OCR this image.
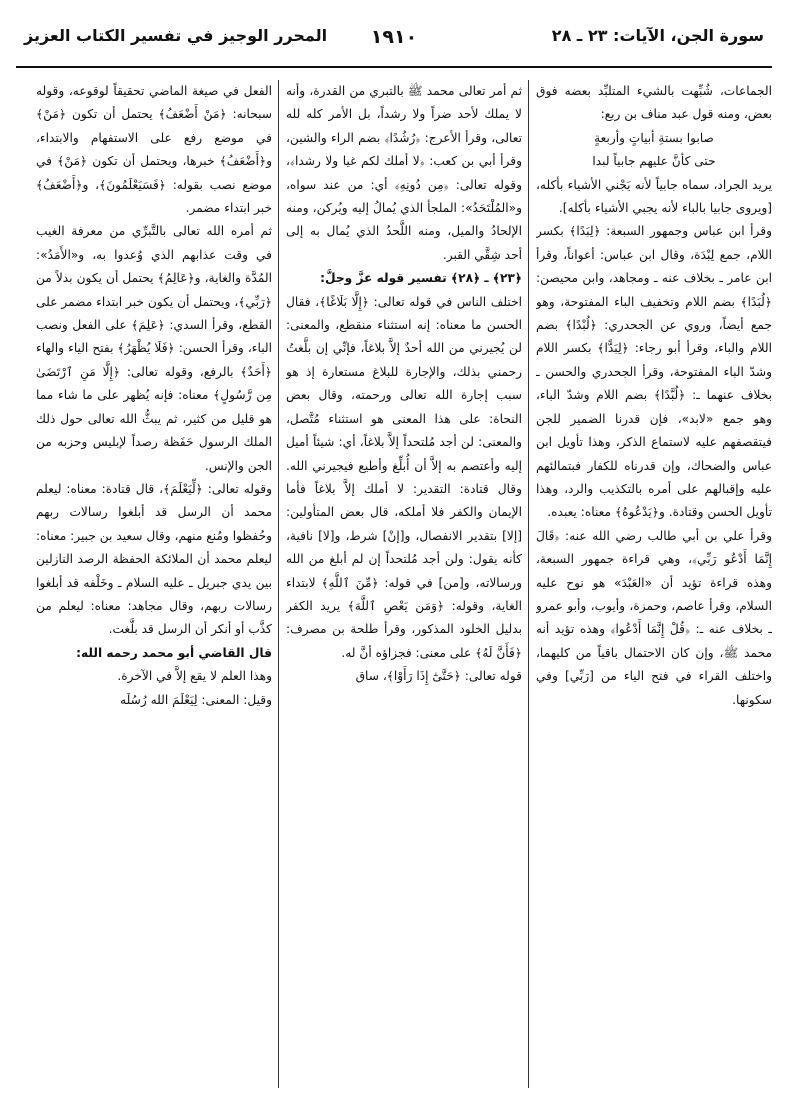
سورة الجن، الآيات: ٢٣ ـ ٢٨
١٩١٠
المحرر الوجيز في تفسير الكتاب العزيز

الجماعات، شُبِّهت بالشيء المتلبِّد بعضه فوق بعض، ومنه قول عبد مناف بن ربع:

صابوا بستةِ أبياتٍ وأربعةٍ

حتى كأنَّ عليهم جابياً لبدا

يريد الجراد، سماه جابياً لأنه يَجْني الأشياء بأكله، [ويروى جابيا بالباء لأنه يجبي الأشياء بأكله].

وقرأ ابن عباس وجمهور السبعة: ﴿لِبَدًا﴾ بكسر اللام، جمع لِبْدَة، وقال ابن عباس: أعواناً، وقرأ ابن عامر ـ بخلاف عنه ـ ومجاهد، وابن محيصن: ﴿لُبَدًا﴾ بضم اللام وتخفيف الباء المفتوحة، وهو جمع أيضاً، وروي عن الجحدري: ﴿لُبْدًا﴾ بضم اللام والباء، وقرأ أبو رجاء: ﴿لِبَدًّا﴾ بكسر اللام وشدّ الباء المفتوحة، وقرأ الجحدري والحسن ـ بخلاف عنهما ـ: ﴿لُبَّدًا﴾ بضم اللام وشدّ الباء، وهو جمع «لابد»، فإن قدرنا الضمير للجن فيتقصفهم عليه لاستماع الذكر، وهذا تأويل ابن عباس والضحاك، وإن قدرناه للكفار فبتمالئهم عليه وإقبالهم على أمره بالتكذيب والرد، وهذا تأويل الحسن وقتادة. و﴿يَدْعُوهُ﴾ معناه: يعبده.

وقرأ علي بن أبي طالب رضي الله عنه: ﴿قَالَ إِنَّمَا أَدْعُو رَبِّي﴾، وهي قراءة جمهور السبعة، وهذه قراءة تؤيد أن «العَبْدَ» هو نوح عليه السلام، وقرأ عاصم، وحمزة، وأيوب، وأبو عمرو ـ بخلاف عنه ـ: ﴿قُلْ إِنَّمَا أَدْعُوا﴾ وهذه تؤيد أنه محمد ﷺ، وإن كان الاحتمال باقياً من كليهما، واختلف القراء في فتح الياء من [رَبِّي] وفي سكونها.

ثم أمر تعالى محمد ﷺ بالتبري من القدرة، وأنه لا يملك لأحد ضراً ولا رشداً، بل الأمر كله لله تعالى، وقرأ الأعرج: ﴿رُشُدًا﴾ بضم الراء والشين، وقرأ أبي بن كعب: ﴿لا أملك لكم غيا ولا رشدا﴾، وقوله تعالى: ﴿مِن دُونِهِ﴾ أي: من عند سواه، و«المُلْتَحَدُ»: الملجأ الذي يُمالُ إليه ويُركن، ومنه الإلحادُ والميل، ومنه اللَّحدُ الذي يُمال به إلى أحد شِقَّي القبر.

﴿٢٣﴾ ـ ﴿٢٨﴾ تفسير قوله عزَّ وجلَّ:

اختلف الناس في قوله تعالى: ﴿إِلَّا بَلَاغًا﴾، فقال الحسن ما معناه: إنه استثناء منقطع، والمعنى: لن يُجيرني من الله أحدٌ إلاَّ بلاغاً، فإنِّي إن بلَّغتُ رحمني بذلك، والإجارة للبلاغ مستعارة إذ هو سبب إجارة الله تعالى ورحمته، وقال بعض النحاة: على هذا المعنى هو استثناء مُتَّصل، والمعنى: لن أجد مُلتحداً إلاَّ بلاغاً، أي: شيئاً أميل إليه وأعتصم به إلاَّ أن أُبلِّغ وأطيع فيجيرني الله. وقال قتادة: التقدير: لا أملك إلاَّ بلاغاً فأما الإيمان والكفر فلا أملكه، قال بعض المتأولين: [إلا] بتقدير الانفصال، و[إنْ] شرط، و[لا] نافية، كأنه يقول: ولن أجد مُلتحداً إن لم أبلغ من الله ورسالاته، و[من] في قوله: ﴿مِّنَ ٱللَّهِ﴾ لابتداء الغاية، وقوله: ﴿وَمَن يَعْصِ ٱللَّهَ﴾ يريد الكفر بدليل الخلود المذكور، وقرأ طلحة بن مصرف: ﴿فَأَنَّ لَهُ﴾ على معنى: فجزاؤه أنَّ له.

قوله تعالى: ﴿حَتَّىٰٓ إِذَا رَأَوْا﴾، ساق

الفعل في صيغة الماضي تحقيقاً لوقوعه، وقوله سبحانه: ﴿مَنْ أَضْعَفُ﴾ يحتمل أن تكون ﴿مَنْ﴾ في موضع رفع على الاستفهام والابتداء، و﴿أَضْعَفُ﴾ خبرها، ويحتمل أن تكون ﴿مَنْ﴾ في موضع نصب بقوله: ﴿فَسَيَعْلَمُونَ﴾، و﴿أَضْعَفُ﴾ خبر ابتداء مضمر.

ثم أمره الله تعالى بالتَّبرِّي من معرفة الغيب في وقت عذابهم الذي وُعدوا به، و«الأَمَدُ»: المُدَّة والغاية، و﴿عَالِمُ﴾ يحتمل أن يكون بدلاً من ﴿رَبِّي﴾، ويحتمل أن يكون خبر ابتداء مضمر على القطع، وقرأ السدي: ﴿عَلِمَ﴾ على الفعل ونصب الباء، وقرأ الحسن: ﴿فَلَا يُظْهَرُ﴾ بفتح الياء والهاء ﴿أَحَدٌ﴾ بالرفع، وقوله تعالى: ﴿إِلَّا مَنِ ٱرْتَضَىٰ مِن رَّسُولٍ﴾ معناه: فإنه يُظهر على ما شاء مما هو قليل من كثير، ثم يبثُّ الله تعالى حول ذلك الملك الرسول حَفَظة رصداً لإبليس وحزبه من الجن والإنس.

وقوله تعالى: ﴿لِّيَعْلَمَ﴾، قال قتادة: معناه: ليعلم محمد أن الرسل قد أبلغوا رسالات ربهم وحُفظوا ومُنع منهم، وقال سعيد بن جبير: معناه: ليعلم محمد أن الملائكة الحفظة الرصد النازلين بين يدي جبريل ـ عليه السلام ـ وخَلْفه قد أبلغوا رسالات ربهم، وقال مجاهد: معناه: ليعلم من كذَّب أو أنكر أن الرسل قد بلَّغت.

قال القاضي أبو محمد رحمه الله:

وهذا العلم لا يقع إلاَّ في الآخرة.

وقيل: المعنى: لِيَعْلَمَ الله رُسُلَه
